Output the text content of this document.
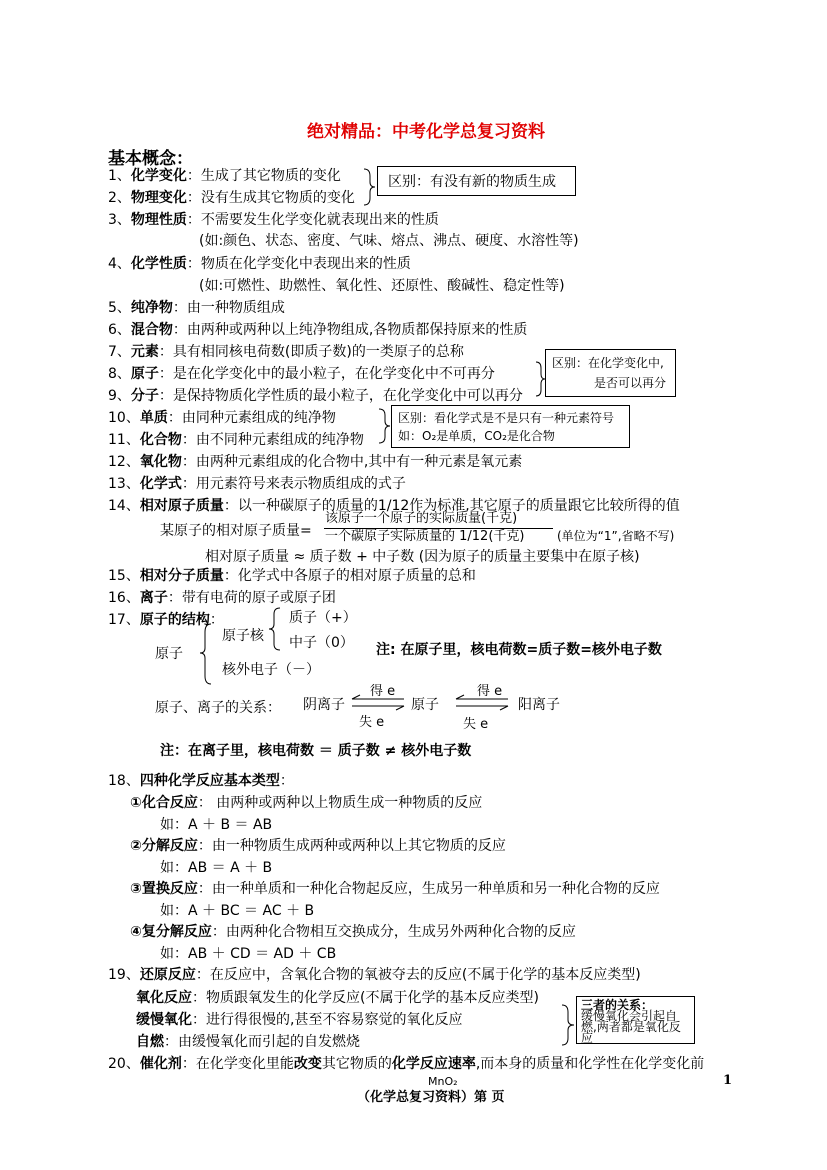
绝对精品：中考化学总复习资料
基本概念：
1、化学变化：生成了其它物质的变化
2、物理变化：没有生成其它物质的变化
3、物理性质：不需要发生化学变化就表现出来的性质
(如:颜色、状态、密度、气味、熔点、沸点、硬度、水溶性等)
4、化学性质：物质在化学变化中表现出来的性质
(如:可燃性、助燃性、氧化性、还原性、酸碱性、稳定性等)
5、纯净物：由一种物质组成
6、混合物：由两种或两种以上纯净物组成,各物质都保持原来的性质
7、元素：具有相同核电荷数(即质子数)的一类原子的总称
8、原子：是在化学变化中的最小粒子，在化学变化中不可再分
9、分子：是保持物质化学性质的最小粒子，在化学变化中可以再分
10、单质：由同种元素组成的纯净物
11、化合物：由不同种元素组成的纯净物
12、氧化物：由两种元素组成的化合物中,其中有一种元素是氧元素
13、化学式：用元素符号来表示物质组成的式子
14、相对原子质量：以一种碳原子的质量的1/12作为标准,其它原子的质量跟它比较所得的值
区别：有没有新的物质生成
区别：在化学变化中,
是否可以再分
区别：看化学式是不是只有一种元素符号
如：O₂是单质，CO₂是化合物
某原子的相对原子质量=
该原子一个原子的实际质量(千克)
一个碳原子实际质量的 1/12(千克)	(单位为“1”,省略不写)
相对原子质量 ≈ 质子数 + 中子数 (因为原子的质量主要集中在原子核)
15、相对分子质量：化学式中各原子的相对原子质量的总和
16、离子：带有电荷的原子或原子团
17、原子的结构：
原子
原子核
质子（+）
中子（0）
核外电子（－）
注: 在原子里，核电荷数=质子数=核外电子数
原子、离子的关系： 阴离子
得 e
失 e
原子
得 e
失 e
阳离子
注：在离子里，核电荷数 ＝ 质子数 ≠ 核外电子数
18、四种化学反应基本类型：
①化合反应： 由两种或两种以上物质生成一种物质的反应
如：A ＋ B ＝ AB
②分解反应：由一种物质生成两种或两种以上其它物质的反应
如：AB ＝ A ＋ B
③置换反应：由一种单质和一种化合物起反应，生成另一种单质和另一种化合物的反应
如：A ＋ BC ＝ AC ＋ B
④复分解反应：由两种化合物相互交换成分，生成另外两种化合物的反应
如：AB ＋ CD ＝ AD ＋ CB
19、还原反应：在反应中，含氧化合物的氧被夺去的反应(不属于化学的基本反应类型)
氧化反应：物质跟氧发生的化学反应(不属于化学的基本反应类型)
缓慢氧化：进行得很慢的,甚至不容易察觉的氧化反应
自燃：由缓慢氧化而引起的自发燃烧
三者的关系：
缓慢氧化会引起自
燃,两者都是氧化反
应
20、催化剂：在化学变化里能改变其它物质的化学反应速率,而本身的质量和化学性在化学变化前
MnO₂	1
（化学总复习资料）第 页
